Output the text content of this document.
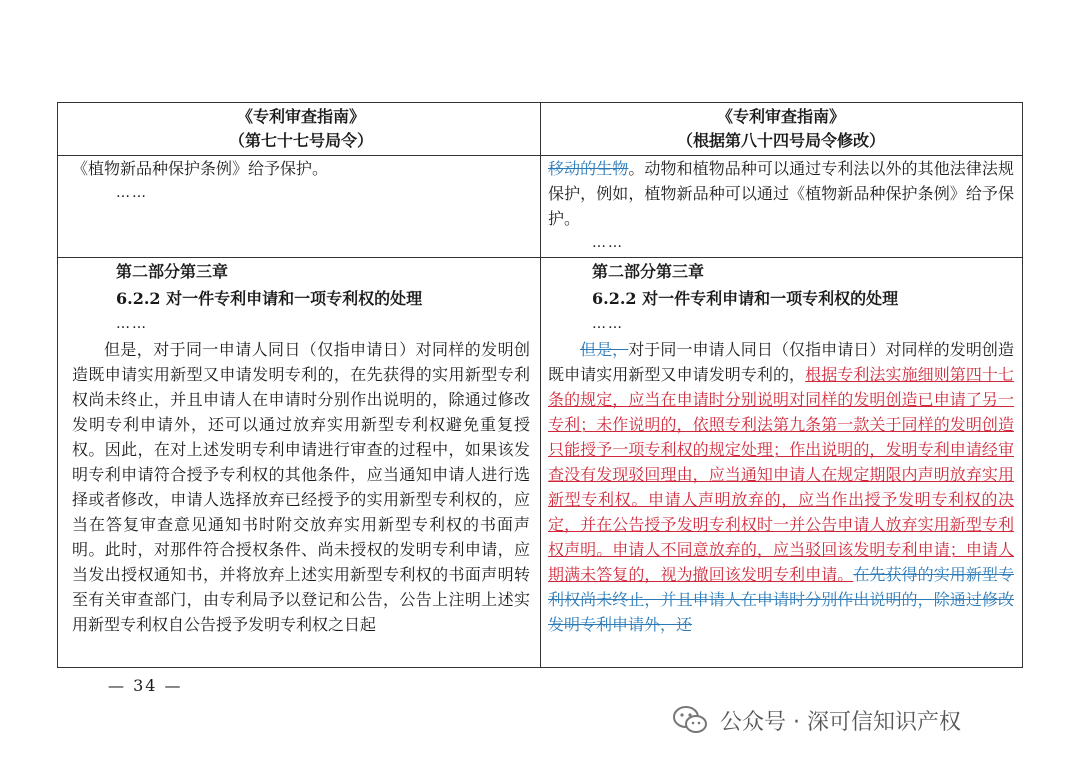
《专利审查指南》
（第七十七号局令）
《专利审查指南》
（根据第八十四号局令修改）
《植物新品种保护条例》给予保护。
……
移动的生物。动物和植物品种可以通过专利法以外的其他法律法规保护，例如，植物新品种可以通过《植物新品种保护条例》给予保护。
……
第二部分第三章
6.2.2 对一件专利申请和一项专利权的处理
……
但是，对于同一申请人同日（仅指申请日）对同样的发明创造既申请实用新型又申请发明专利的，在先获得的实用新型专利权尚未终止，并且申请人在申请时分别作出说明的，除通过修改发明专利申请外，还可以通过放弃实用新型专利权避免重复授权。因此，在对上述发明专利申请进行审查的过程中，如果该发明专利申请符合授予专利权的其他条件，应当通知申请人进行选择或者修改，申请人选择放弃已经授予的实用新型专利权的，应当在答复审查意见通知书时附交放弃实用新型专利权的书面声明。此时，对那件符合授权条件、尚未授权的发明专利申请，应当发出授权通知书，并将放弃上述实用新型专利权的书面声明转至有关审查部门，由专利局予以登记和公告，公告上注明上述实用新型专利权自公告授予发明专利权之日起
第二部分第三章
6.2.2 对一件专利申请和一项专利权的处理
……
但是，对于同一申请人同日（仅指申请日）对同样的发明创造既申请实用新型又申请发明专利的，根据专利法实施细则第四十七条的规定，应当在申请时分别说明对同样的发明创造已申请了另一专利；未作说明的，依照专利法第九条第一款关于同样的发明创造只能授予一项专利权的规定处理；作出说明的，发明专利申请经审查没有发现驳回理由，应当通知申请人在规定期限内声明放弃实用新型专利权。申请人声明放弃的，应当作出授予发明专利权的决定，并在公告授予发明专利权时一并公告申请人放弃实用新型专利权声明。申请人不同意放弃的，应当驳回该发明专利申请；申请人期满未答复的，视为撤回该发明专利申请。在先获得的实用新型专利权尚未终止，并且申请人在申请时分别作出说明的，除通过修改发明专利申请外，还
— 34 —
公众号 · 深可信知识产权
